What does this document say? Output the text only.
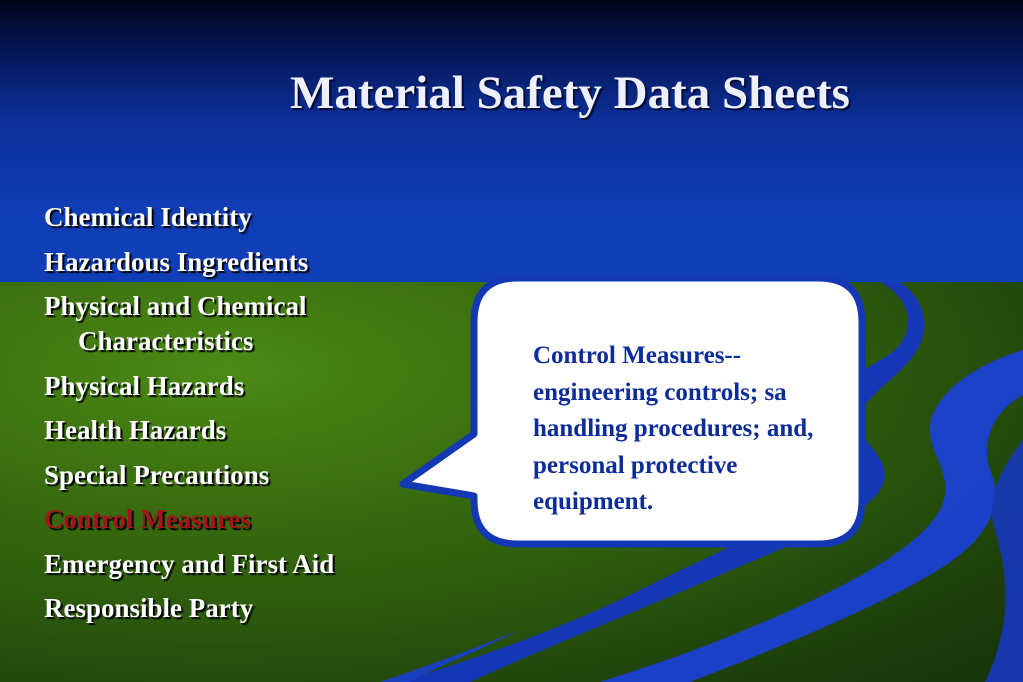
Material Safety Data Sheets
Chemical Identity
Hazardous Ingredients
Physical and Chemical
Characteristics
Physical Hazards
Health Hazards
Special Precautions
Control Measures
Emergency and First Aid
Responsible Party
Control Measures--
engineering controls; sa
handling procedures; and,
personal protective
equipment.
